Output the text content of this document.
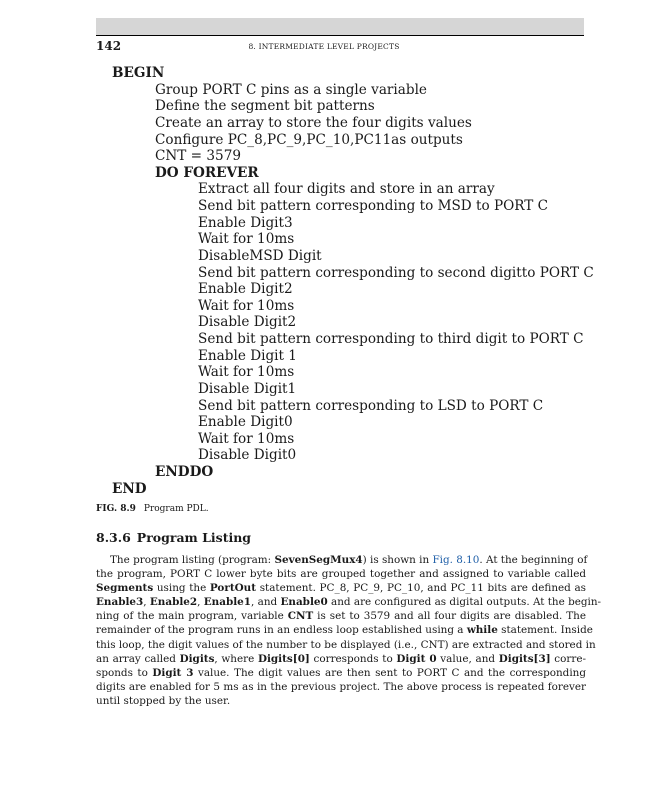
142	8. INTERMEDIATE LEVEL PROJECTS
BEGIN
Group PORT C pins as a single variable
Define the segment bit patterns
Create an array to store the four digits values
Configure PC_8,PC_9,PC_10,PC11as outputs
CNT = 3579
DO FOREVER
Extract all four digits and store in an array
Send bit pattern corresponding to MSD to PORT C
Enable Digit3
Wait for 10ms
DisableMSD Digit
Send bit pattern corresponding to second digitto PORT C
Enable Digit2
Wait for 10ms
Disable Digit2
Send bit pattern corresponding to third digit to PORT C
Enable Digit 1
Wait for 10ms
Disable Digit1
Send bit pattern corresponding to LSD to PORT C
Enable Digit0
Wait for 10ms
Disable Digit0
ENDDO
END
FIG. 8.9 Program PDL.
8.3.6 Program Listing
The program listing (program: SevenSegMux4) is shown in Fig. 8.10. At the beginning of
the program, PORT C lower byte bits are grouped together and assigned to variable called
Segments using the PortOut statement. PC_8, PC_9, PC_10, and PC_11 bits are defined as
Enable3, Enable2, Enable1, and Enable0 and are configured as digital outputs. At the begin-
ning of the main program, variable CNT is set to 3579 and all four digits are disabled. The
remainder of the program runs in an endless loop established using a while statement. Inside
this loop, the digit values of the number to be displayed (i.e., CNT) are extracted and stored in
an array called Digits, where Digits[0] corresponds to Digit 0 value, and Digits[3] corre-
sponds to Digit 3 value. The digit values are then sent to PORT C and the corresponding
digits are enabled for 5 ms as in the previous project. The above process is repeated forever
until stopped by the user.
